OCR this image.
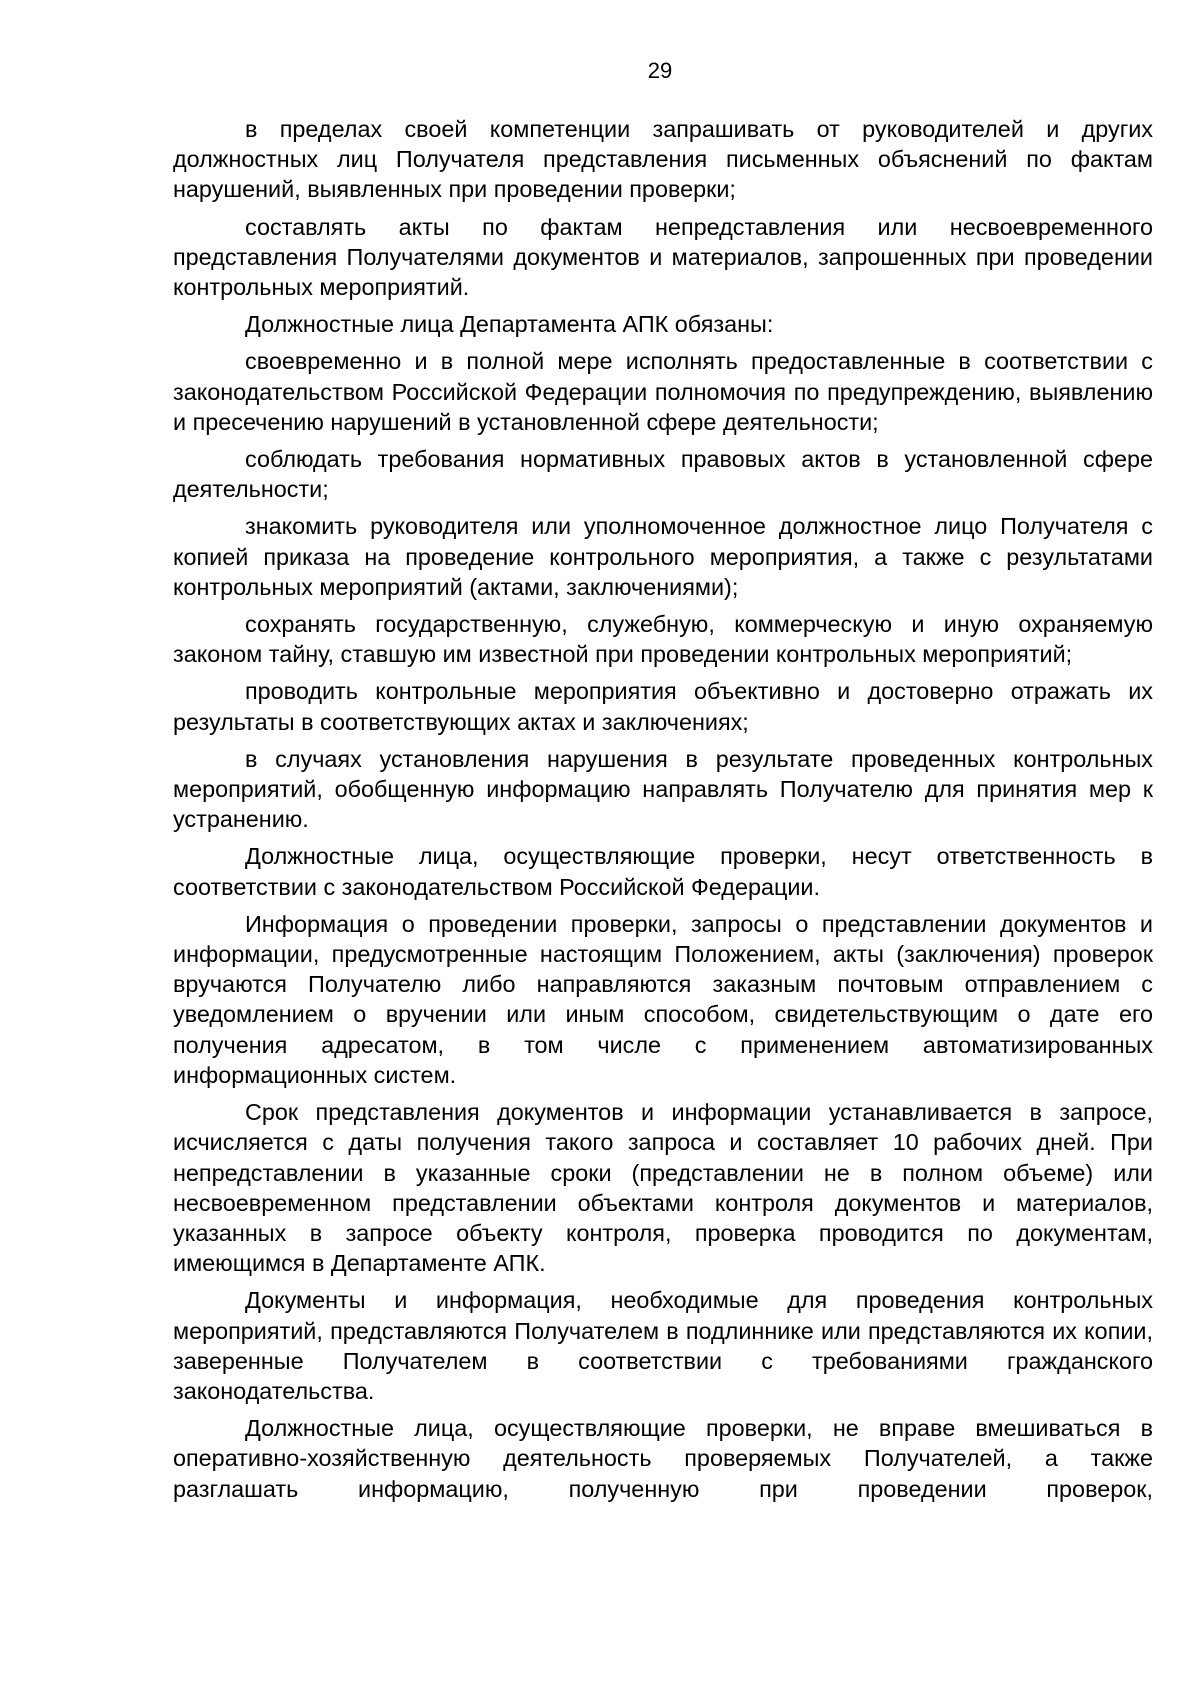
29

в пределах своей компетенции запрашивать от руководителей и других должностных лиц Получателя представления письменных объяснений по фактам нарушений, выявленных при проведении проверки;

составлять акты по фактам непредставления или несвоевременного представления Получателями документов и материалов, запрошенных при проведении контрольных мероприятий.

Должностные лица Департамента АПК обязаны:

своевременно и в полной мере исполнять предоставленные в соответствии с законодательством Российской Федерации полномочия по предупреждению, выявлению и пресечению нарушений в установленной сфере деятельности;

соблюдать требования нормативных правовых актов в установленной сфере деятельности;

знакомить руководителя или уполномоченное должностное лицо Получателя с копией приказа на проведение контрольного мероприятия, а также с результатами контрольных мероприятий (актами, заключениями);

сохранять государственную, служебную, коммерческую и иную охраняемую законом тайну, ставшую им известной при проведении контрольных мероприятий;

проводить контрольные мероприятия объективно и достоверно отражать их результаты в соответствующих актах и заключениях;

в случаях установления нарушения в результате проведенных контрольных мероприятий, обобщенную информацию направлять Получателю для принятия мер к устранению.

Должностные лица, осуществляющие проверки, несут ответственность в соответствии с законодательством Российской Федерации.

Информация о проведении проверки, запросы о представлении документов и информации, предусмотренные настоящим Положением, акты (заключения) проверок вручаются Получателю либо направляются заказным почтовым отправлением с уведомлением о вручении или иным способом, свидетельствующим о дате его получения адресатом, в том числе с применением автоматизированных информационных систем.

Срок представления документов и информации устанавливается в запросе, исчисляется с даты получения такого запроса и составляет 10 рабочих дней. При непредставлении в указанные сроки (представлении не в полном объеме) или несвоевременном представлении объектами контроля документов и материалов, указанных в запросе объекту контроля, проверка проводится по документам, имеющимся в Департаменте АПК.

Документы и информация, необходимые для проведения контрольных мероприятий, представляются Получателем в подлиннике или представляются их копии, заверенные Получателем в соответствии с требованиями гражданского законодательства.

Должностные лица, осуществляющие проверки, не вправе вмешиваться в оперативно-хозяйственную деятельность проверяемых Получателей, а также разглашать информацию, полученную при проведении проверок,
